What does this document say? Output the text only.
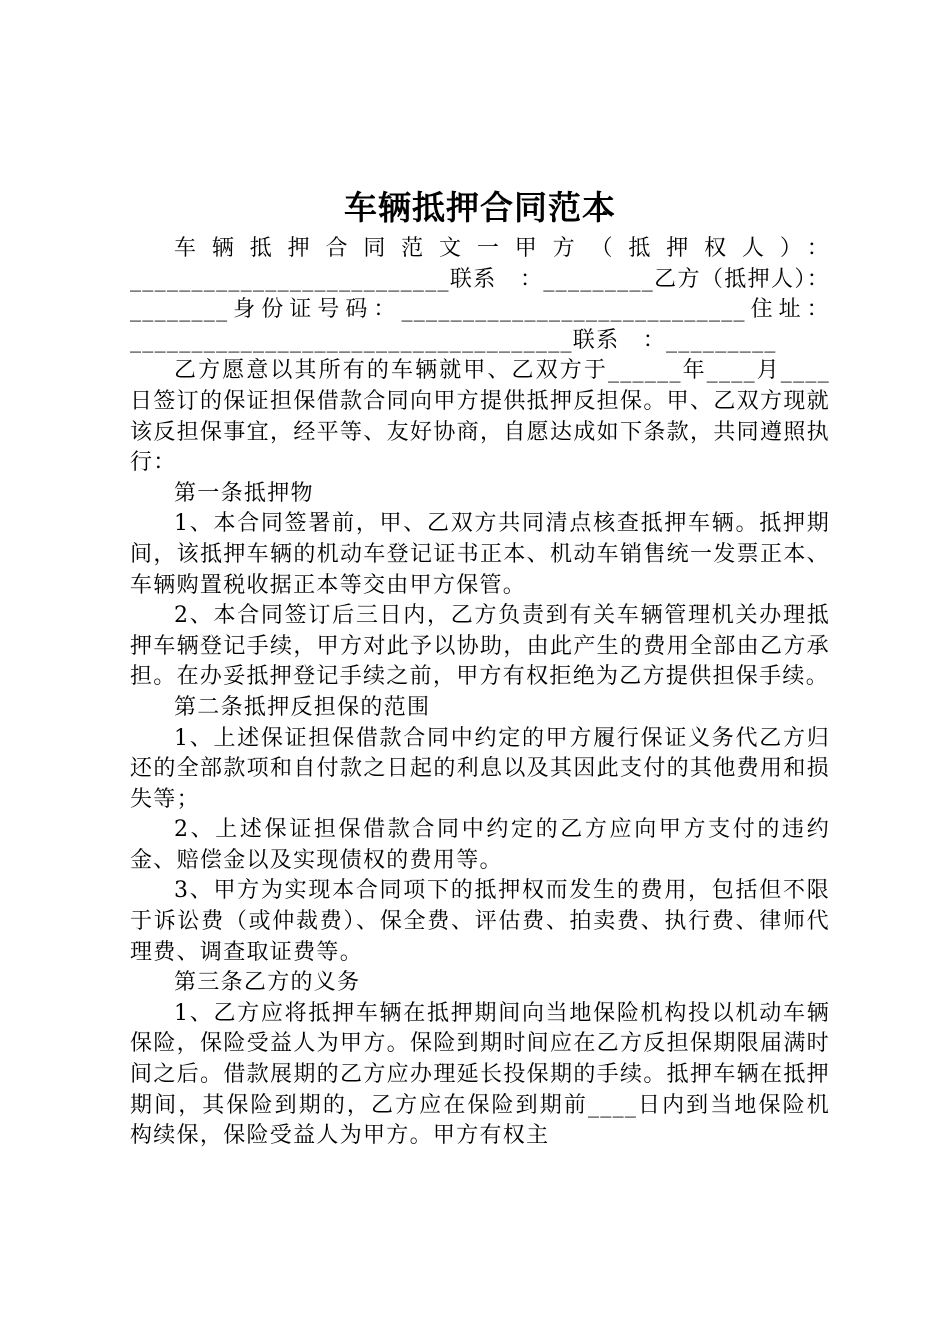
车辆抵押合同范本

车辆抵押合同范文一甲方（抵押权人）：__________________________联系　：_________乙方（抵押人）：________身份证号码：____________________________住址：____________________________________联系　：_________

乙方愿意以其所有的车辆就甲、乙双方于______年____月____日签订的保证担保借款合同向甲方提供抵押反担保。甲、乙双方现就该反担保事宜，经平等、友好协商，自愿达成如下条款，共同遵照执行：

第一条抵押物

1、本合同签署前，甲、乙双方共同清点核查抵押车辆。抵押期间，该抵押车辆的机动车登记证书正本、机动车销售统一发票正本、车辆购置税收据正本等交由甲方保管。

2、本合同签订后三日内，乙方负责到有关车辆管理机关办理抵押车辆登记手续，甲方对此予以协助，由此产生的费用全部由乙方承担。在办妥抵押登记手续之前，甲方有权拒绝为乙方提供担保手续。

第二条抵押反担保的范围

1、上述保证担保借款合同中约定的甲方履行保证义务代乙方归还的全部款项和自付款之日起的利息以及其因此支付的其他费用和损失等；

2、上述保证担保借款合同中约定的乙方应向甲方支付的违约金、赔偿金以及实现债权的费用等。

3、甲方为实现本合同项下的抵押权而发生的费用，包括但不限于诉讼费（或仲裁费）、保全费、评估费、拍卖费、执行费、律师代理费、调查取证费等。

第三条乙方的义务

1、乙方应将抵押车辆在抵押期间向当地保险机构投以机动车辆保险，保险受益人为甲方。保险到期时间应在乙方反担保期限届满时间之后。借款展期的乙方应办理延长投保期的手续。抵押车辆在抵押期间，其保险到期的，乙方应在保险到期前____日内到当地保险机构续保，保险受益人为甲方。甲方有权主
